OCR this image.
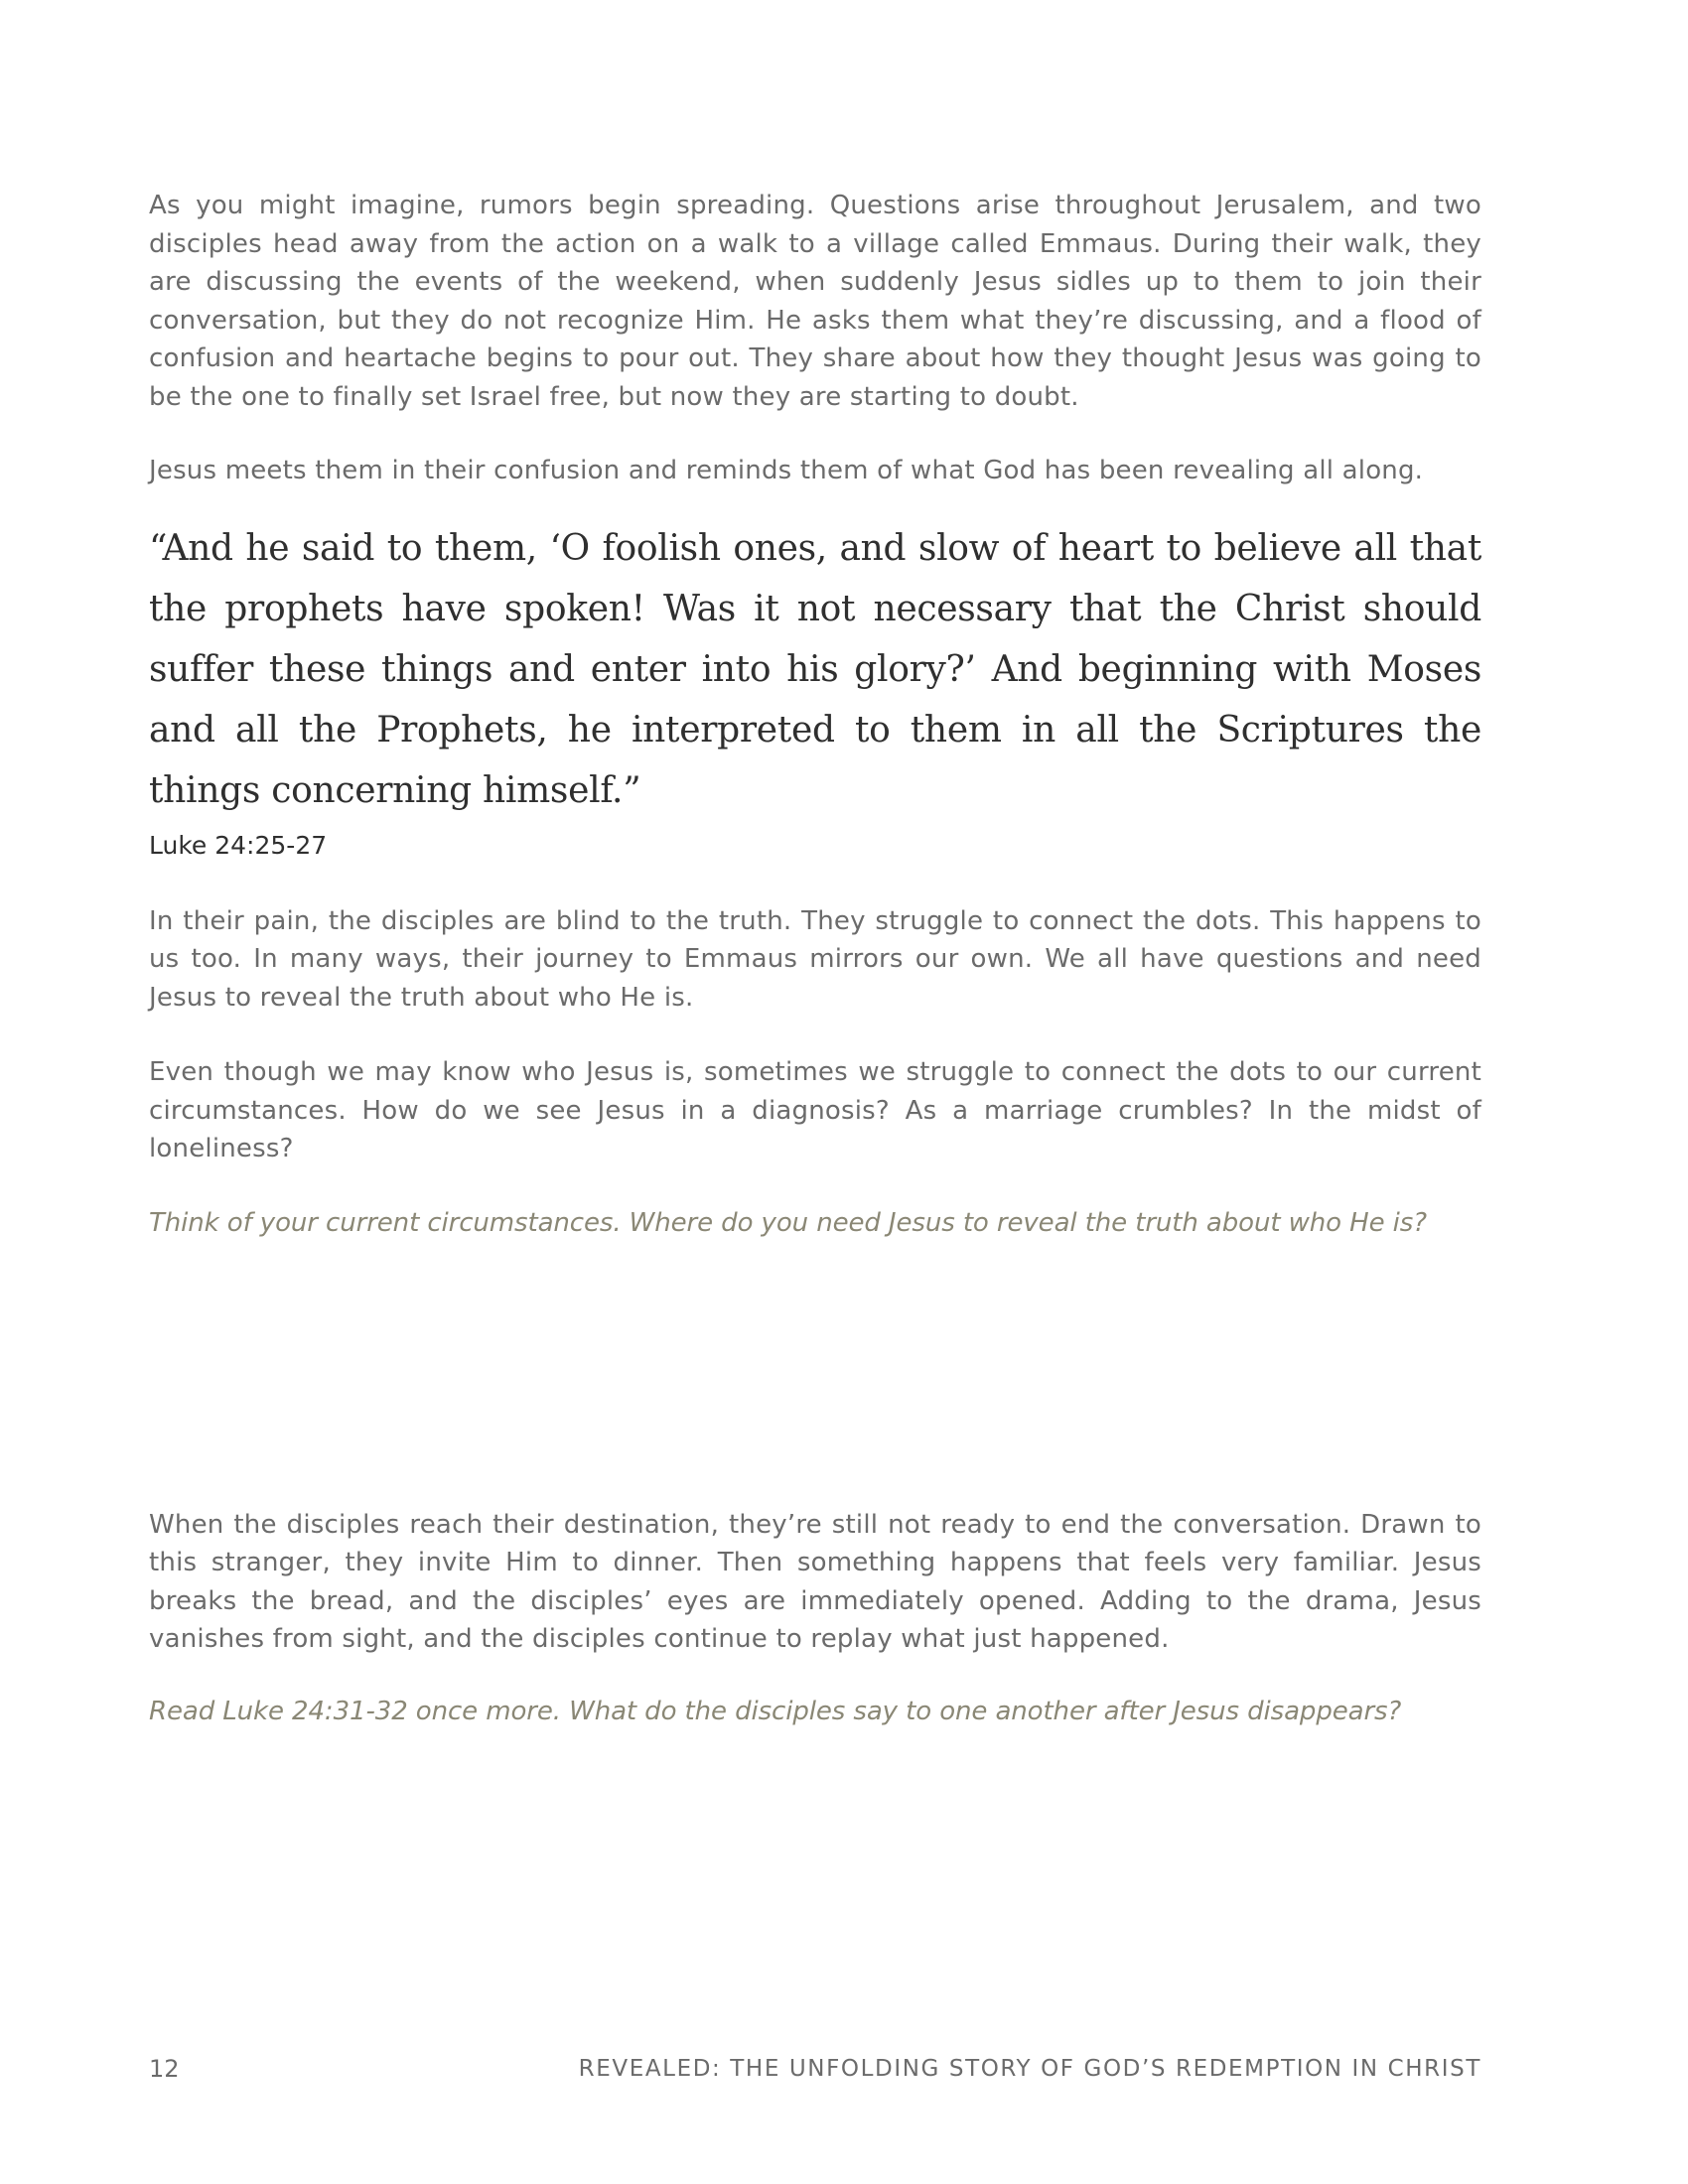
As you might imagine, rumors begin spreading. Questions arise throughout Jerusalem, and two disciples head away from the action on a walk to a village called Emmaus. During their walk, they are discussing the events of the weekend, when suddenly Jesus sidles up to them to join their conversation, but they do not recognize Him. He asks them what they’re discussing, and a flood of confusion and heartache begins to pour out. They share about how they thought Jesus was going to be the one to finally set Israel free, but now they are starting to doubt.

Jesus meets them in their confusion and reminds them of what God has been revealing all along.

“And he said to them, ‘O foolish ones, and slow of heart to believe all that the prophets have spoken! Was it not necessary that the Christ should suffer these things and enter into his glory?’ And beginning with Moses and all the Prophets, he interpreted to them in all the Scriptures the things concerning himself.”

Luke 24:25-27

In their pain, the disciples are blind to the truth. They struggle to connect the dots. This happens to us too. In many ways, their journey to Emmaus mirrors our own. We all have questions and need Jesus to reveal the truth about who He is.

Even though we may know who Jesus is, sometimes we struggle to connect the dots to our current circumstances. How do we see Jesus in a diagnosis? As a marriage crumbles? In the midst of loneliness?

Think of your current circumstances. Where do you need Jesus to reveal the truth about who He is?

When the disciples reach their destination, they’re still not ready to end the conversation. Drawn to this stranger, they invite Him to dinner. Then something happens that feels very familiar. Jesus breaks the bread, and the disciples’ eyes are immediately opened. Adding to the drama, Jesus vanishes from sight, and the disciples continue to replay what just happened.

Read Luke 24:31-32 once more. What do the disciples say to one another after Jesus disappears?

12	REVEALED: THE UNFOLDING STORY OF GOD’S REDEMPTION IN CHRIST
